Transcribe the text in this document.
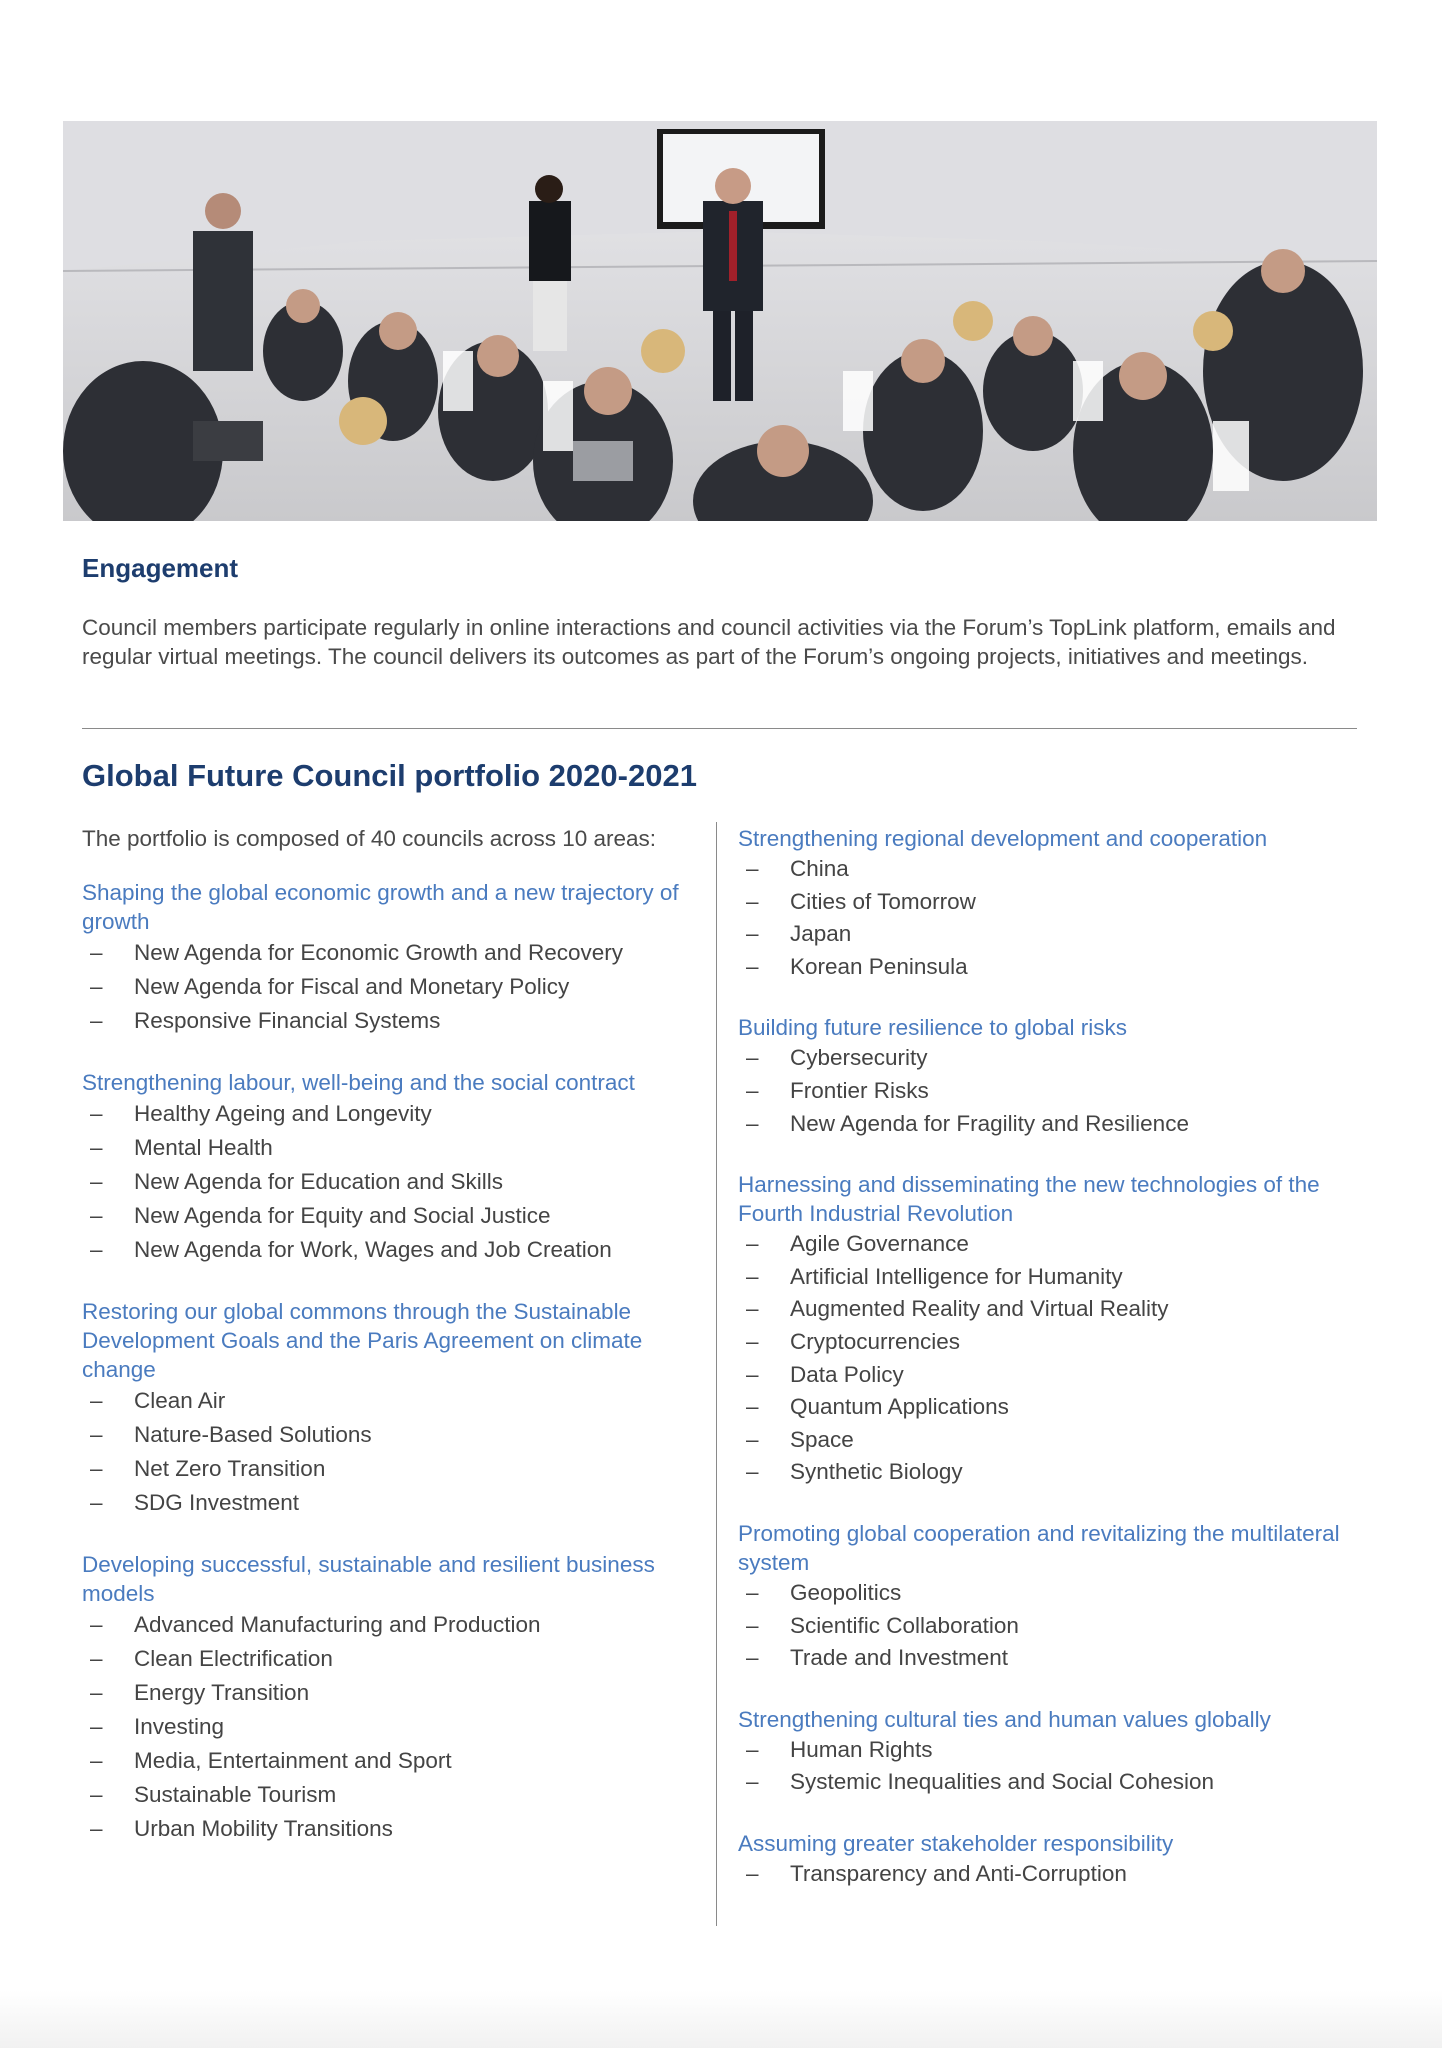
Engagement

Council members participate regularly in online interactions and council activities via the Forum’s TopLink platform, emails and regular virtual meetings. The council delivers its outcomes as part of the Forum’s ongoing projects, initiatives and meetings.

Global Future Council portfolio 2020-2021

The portfolio is composed of 40 councils across 10 areas:

Shaping the global economic growth and a new trajectory of growth
– New Agenda for Economic Growth and Recovery
– New Agenda for Fiscal and Monetary Policy
– Responsive Financial Systems
Strengthening labour, well-being and the social contract
– Healthy Ageing and Longevity
– Mental Health
– New Agenda for Education and Skills
– New Agenda for Equity and Social Justice
– New Agenda for Work, Wages and Job Creation
Restoring our global commons through the Sustainable Development Goals and the Paris Agreement on climate change
– Clean Air
– Nature-Based Solutions
– Net Zero Transition
– SDG Investment
Developing successful, sustainable and resilient business models
– Advanced Manufacturing and Production
– Clean Electrification
– Energy Transition
– Investing
– Media, Entertainment and Sport
– Sustainable Tourism
– Urban Mobility Transitions
Strengthening regional development and cooperation
– China
– Cities of Tomorrow
– Japan
– Korean Peninsula
Building future resilience to global risks
– Cybersecurity
– Frontier Risks
– New Agenda for Fragility and Resilience
Harnessing and disseminating the new technologies of the Fourth Industrial Revolution
– Agile Governance
– Artificial Intelligence for Humanity
– Augmented Reality and Virtual Reality
– Cryptocurrencies
– Data Policy
– Quantum Applications
– Space
– Synthetic Biology
Promoting global cooperation and revitalizing the multilateral system
– Geopolitics
– Scientific Collaboration
– Trade and Investment
Strengthening cultural ties and human values globally
– Human Rights
– Systemic Inequalities and Social Cohesion
Assuming greater stakeholder responsibility
– Transparency and Anti-Corruption
